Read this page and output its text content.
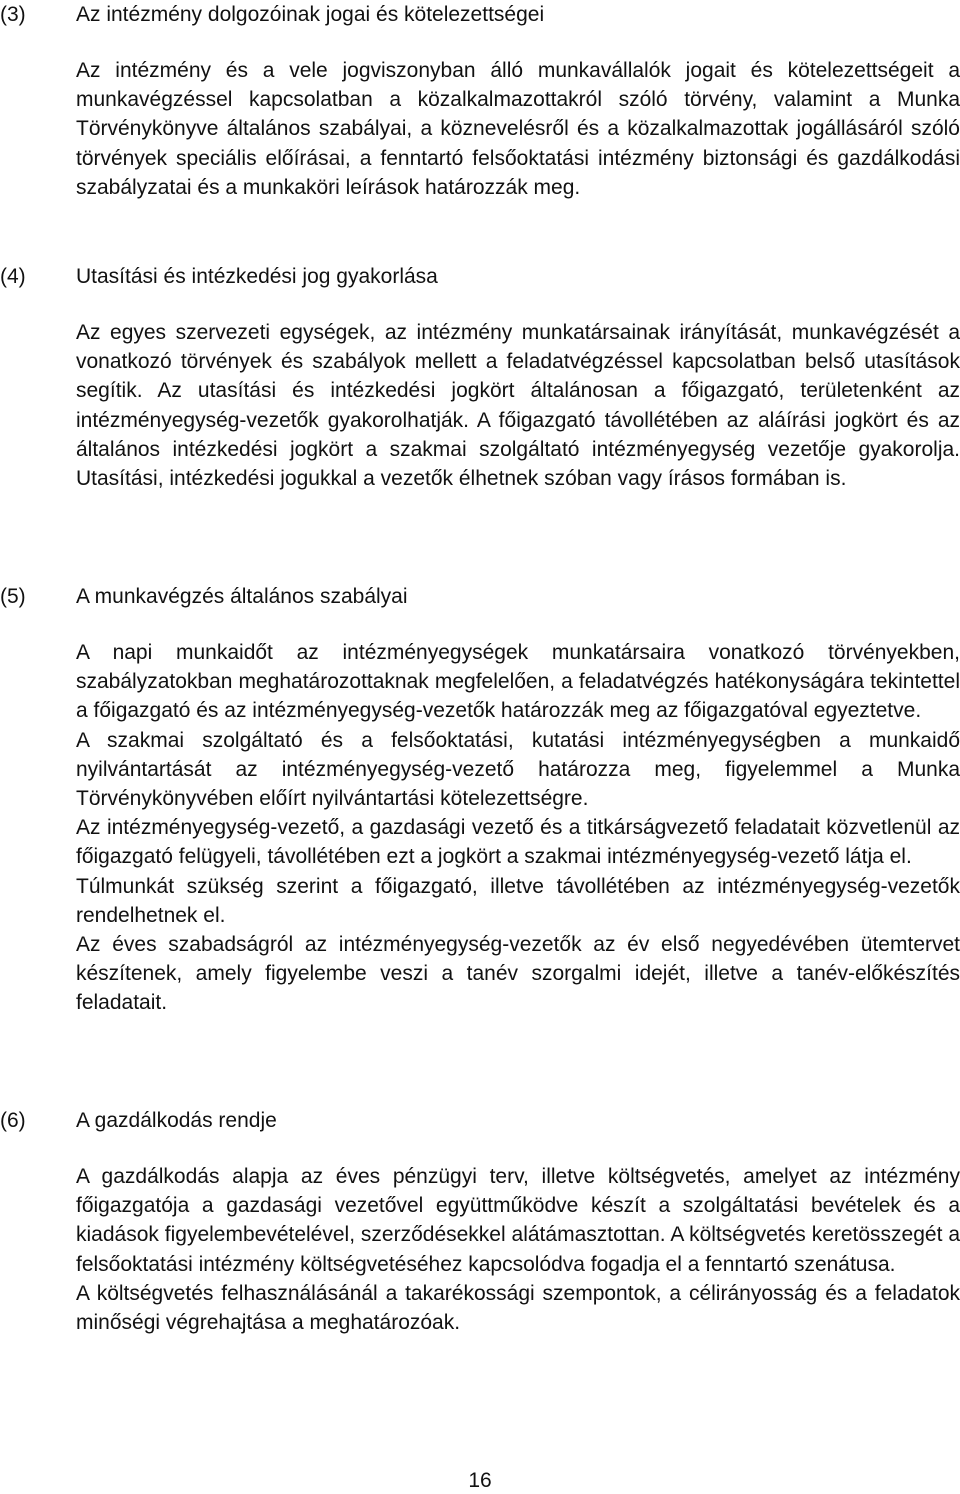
(3) Az intézmény dolgozóinak jogai és kötelezettségei

Az intézmény és a vele jogviszonyban álló munkavállalók jogait és kötelezettségeit a munkavégzéssel kapcsolatban a közalkalmazottakról szóló törvény, valamint a Munka Törvénykönyve általános szabályai, a köznevelésről és a közalkalmazottak jogállásáról szóló törvények speciális előírásai, a fenntartó felsőoktatási intézmény biztonsági és gazdálkodási szabályzatai és a munkaköri leírások határozzák meg.

(4) Utasítási és intézkedési jog gyakorlása

Az egyes szervezeti egységek, az intézmény munkatársainak irányítását, munkavégzését a vonatkozó törvények és szabályok mellett a feladatvégzéssel kapcsolatban belső utasítások segítik. Az utasítási és intézkedési jogkört általánosan a főigazgató, területenként az intézményegység-vezetők gyakorolhatják. A főigazgató távollétében az aláírási jogkört és az általános intézkedési jogkört a szakmai szolgáltató intézményegység vezetője gyakorolja. Utasítási, intézkedési jogukkal a vezetők élhetnek szóban vagy írásos formában is.

(5) A munkavégzés általános szabályai

A napi munkaidőt az intézményegységek munkatársaira vonatkozó törvényekben, szabályzatokban meghatározottaknak megfelelően, a feladatvégzés hatékonyságára tekintettel a főigazgató és az intézményegység-vezetők határozzák meg az főigazgatóval egyeztetve.

A szakmai szolgáltató és a felsőoktatási, kutatási intézményegységben a munkaidő nyilvántartását az intézményegység-vezető határozza meg, figyelemmel a Munka Törvénykönyvében előírt nyilvántartási kötelezettségre.

Az intézményegység-vezető, a gazdasági vezető és a titkárságvezető feladatait közvetlenül az főigazgató felügyeli, távollétében ezt a jogkört a szakmai intézményegység-vezető látja el.

Túlmunkát szükség szerint a főigazgató, illetve távollétében az intézményegység-vezetők rendelhetnek el.

Az éves szabadságról az intézményegység-vezetők az év első negyedévében ütemtervet készítenek, amely figyelembe veszi a tanév szorgalmi idejét, illetve a tanév-előkészítés feladatait.

(6) A gazdálkodás rendje

A gazdálkodás alapja az éves pénzügyi terv, illetve költségvetés, amelyet az intézmény főigazgatója a gazdasági vezetővel együttműködve készít a szolgáltatási bevételek és a kiadások figyelembevételével, szerződésekkel alátámasztottan. A költségvetés keretösszegét a felsőoktatási intézmény költségvetéséhez kapcsolódva fogadja el a fenntartó szenátusa.

A költségvetés felhasználásánál a takarékossági szempontok, a célirányosság és a feladatok minőségi végrehajtása a meghatározóak.

16
